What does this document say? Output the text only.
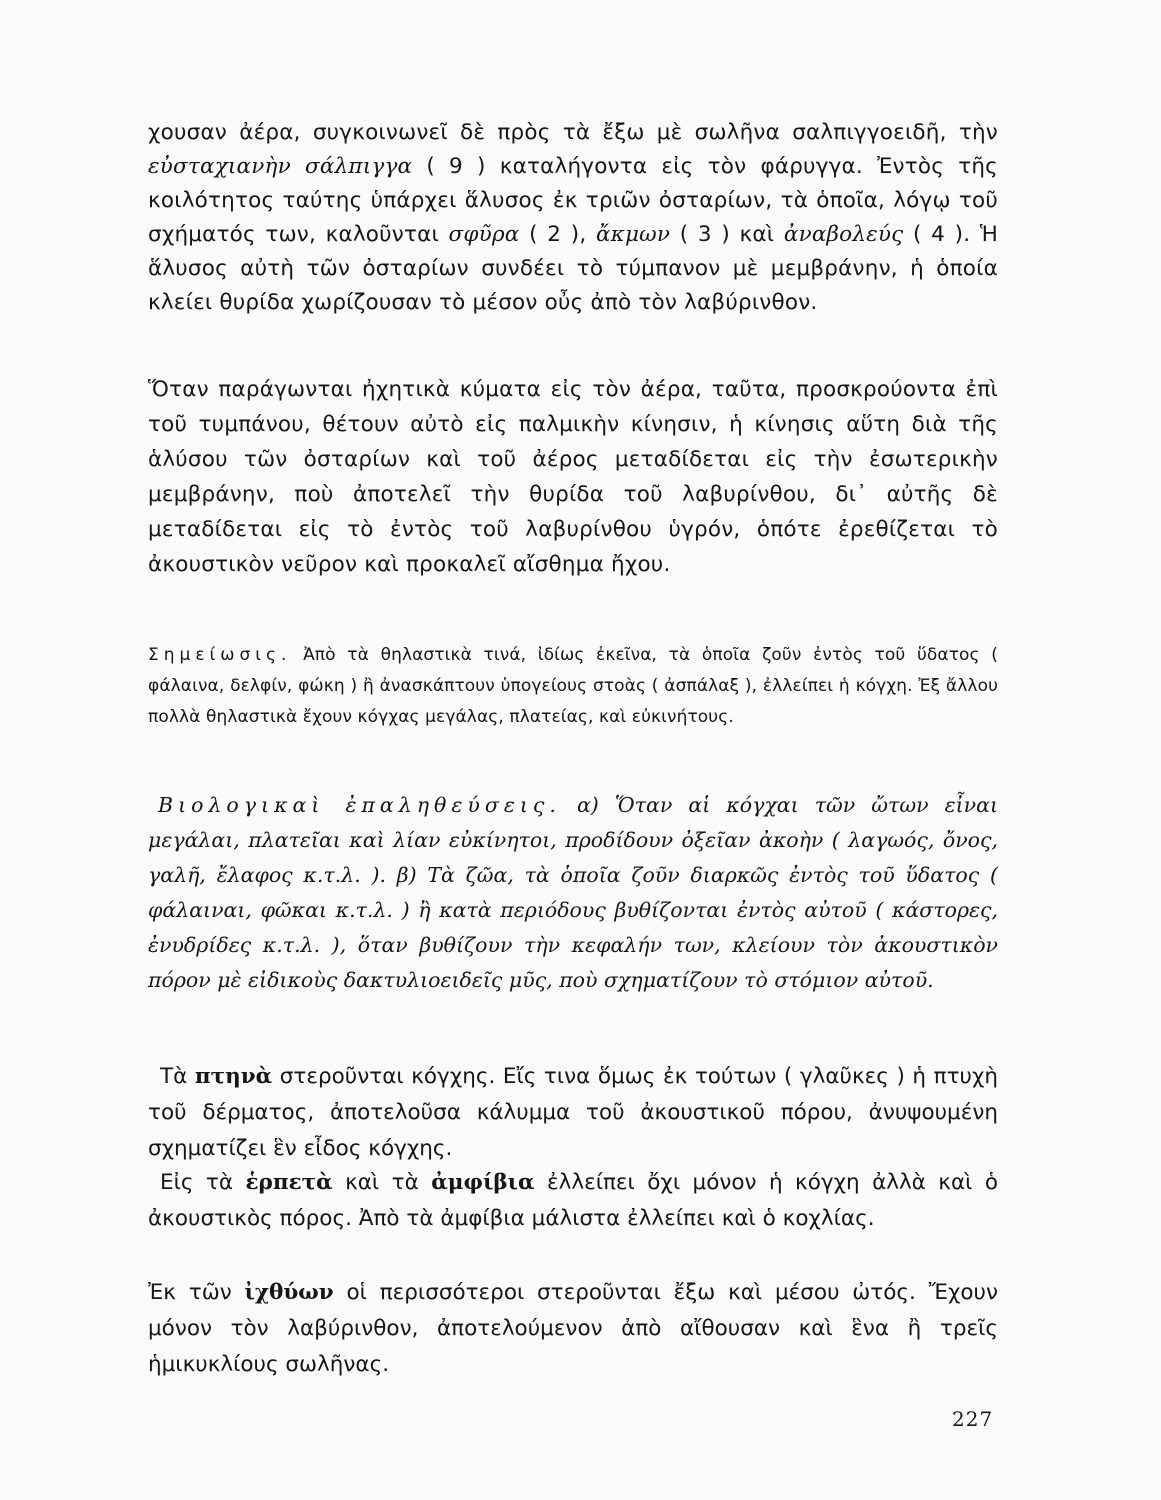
χουσαν ἀέρα, συγκοινωνεῖ δὲ πρὸς τὰ ἔξω μὲ σωλῆνα σαλπιγγοειδῆ, τὴν εὐσταχιανὴν σάλπιγγα ( 9 ) καταλήγοντα εἰς τὸν φάρυγγα. Ἐντὸς τῆς κοιλότητος ταύτης ὑπάρχει ἅλυσος ἐκ τριῶν ὀσταρίων, τὰ ὁποῖα, λόγῳ τοῦ σχήματός των, καλοῦνται σφῦρα ( 2 ), ἄκμων ( 3 ) καὶ ἀναβολεύς ( 4 ). Ἡ ἅλυσος αὐτὴ τῶν ὀσταρίων συνδέει τὸ τύμπανον μὲ μεμβράνην, ἡ ὁποία κλείει θυρίδα χωρίζουσαν τὸ μέσον οὖς ἀπὸ τὸν λαβύρινθον.

Ὅταν παράγωνται ἠχητικὰ κύματα εἰς τὸν ἀέρα, ταῦτα, προσκρούοντα ἐπὶ τοῦ τυμπάνου, θέτουν αὐτὸ εἰς παλμικὴν κίνησιν, ἡ κίνησις αὕτη διὰ τῆς ἁλύσου τῶν ὀσταρίων καὶ τοῦ ἀέρος μεταδίδεται εἰς τὴν ἐσωτερικὴν μεμβράνην, ποὺ ἀποτελεῖ τὴν θυρίδα τοῦ λαβυρίνθου, δι᾿ αὐτῆς δὲ μεταδίδεται εἰς τὸ ἐντὸς τοῦ λαβυρίνθου ὑγρόν, ὁπότε ἐρεθίζεται τὸ ἀκουστικὸν νεῦρον καὶ προκαλεῖ αἴσθημα ἤχου.

Σημείωσις. Ἀπὸ τὰ θηλαστικὰ τινά, ἰδίως ἐκεῖνα, τὰ ὁποῖα ζοῦν ἐντὸς τοῦ ὕδατος ( φάλαινα, δελφίν, φώκη ) ἢ ἀνασκάπτουν ὑπογείους στοὰς ( ἀσπάλαξ ), ἐλλείπει ἡ κόγχη. Ἐξ ἄλλου πολλὰ θηλαστικὰ ἔχουν κόγχας μεγάλας, πλατείας, καὶ εὐκινήτους.

Βιολογικαὶ ἐπαληθεύσεις. α) Ὅταν αἱ κόγχαι τῶν ὤτων εἶναι μεγάλαι, πλατεῖαι καὶ λίαν εὐκίνητοι, προδίδουν ὀξεῖαν ἀκοὴν ( λαγωός, ὄνος, γαλῆ, ἔλαφος κ.τ.λ. ). β) Τὰ ζῶα, τὰ ὁποῖα ζοῦν διαρκῶς ἐντὸς τοῦ ὕδατος ( φάλαιναι, φῶκαι κ.τ.λ. ) ἢ κατὰ περιόδους βυθίζονται ἐντὸς αὐτοῦ ( κάστορες, ἐνυδρίδες κ.τ.λ. ), ὅταν βυθίζουν τὴν κεφαλήν των, κλείουν τὸν ἀκουστικὸν πόρον μὲ εἰδικοὺς δακτυλιοειδεῖς μῦς, ποὺ σχηματίζουν τὸ στόμιον αὐτοῦ.

Τὰ πτηνὰ στεροῦνται κόγχης. Εἴς τινα ὅμως ἐκ τούτων ( γλαῦκες ) ἡ πτυχὴ τοῦ δέρματος, ἀποτελοῦσα κάλυμμα τοῦ ἀκουστικοῦ πόρου, ἀνυψουμένη σχηματίζει ἓν εἶδος κόγχης.

Εἰς τὰ ἑρπετὰ καὶ τὰ ἀμφίβια ἐλλείπει ὄχι μόνον ἡ κόγχη ἀλλὰ καὶ ὁ ἀκουστικὸς πόρος. Ἀπὸ τὰ ἀμφίβια μάλιστα ἐλλείπει καὶ ὁ κοχλίας.

Ἐκ τῶν ἰχθύων οἱ περισσότεροι στεροῦνται ἔξω καὶ μέσου ὠτός. Ἔχουν μόνον τὸν λαβύρινθον, ἀποτελούμενον ἀπὸ αἴθουσαν καὶ ἓνα ἢ τρεῖς ἡμικυκλίους σωλῆνας.

227
